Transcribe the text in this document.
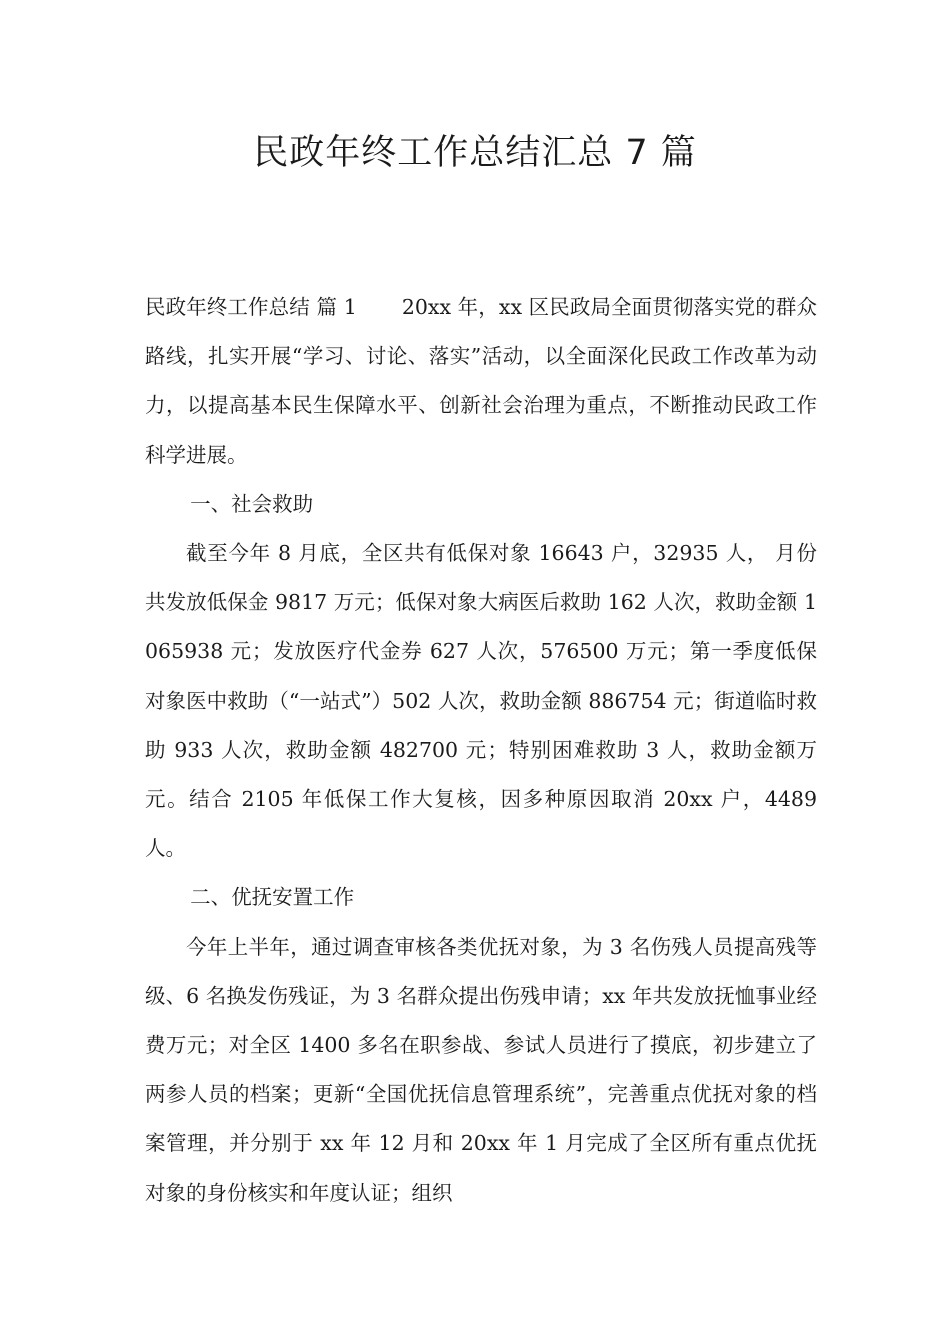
民政年终工作总结汇总 7 篇

民政年终工作总结 篇 1 20xx 年，xx 区民政局全面贯彻落实党的群众路线，扎实开展“学习、讨论、落实”活动，以全面深化民政工作改革为动力，以提高基本民生保障水平、创新社会治理为重点，不断推动民政工作科学进展。

一、社会救助

截至今年 8 月底，全区共有低保对象 16643 户，32935 人， 月份共发放低保金 9817 万元；低保对象大病医后救助 162 人次，救助金额 1065938 元；发放医疗代金券 627 人次，576500 万元；第一季度低保对象医中救助（“一站式”）502 人次，救助金额 886754 元；街道临时救助 933 人次，救助金额 482700 元；特别困难救助 3 人，救助金额万元。结合 2105 年低保工作大复核，因多种原因取消 20xx 户，4489 人。

二、优抚安置工作

今年上半年，通过调查审核各类优抚对象，为 3 名伤残人员提高残等级、6 名换发伤残证，为 3 名群众提出伤残申请；xx 年共发放抚恤事业经费万元；对全区 1400 多名在职参战、参试人员进行了摸底，初步建立了两参人员的档案；更新“全国优抚信息管理系统”，完善重点优抚对象的档案管理，并分别于 xx 年 12 月和 20xx 年 1 月完成了全区所有重点优抚对象的身份核实和年度认证；组织
